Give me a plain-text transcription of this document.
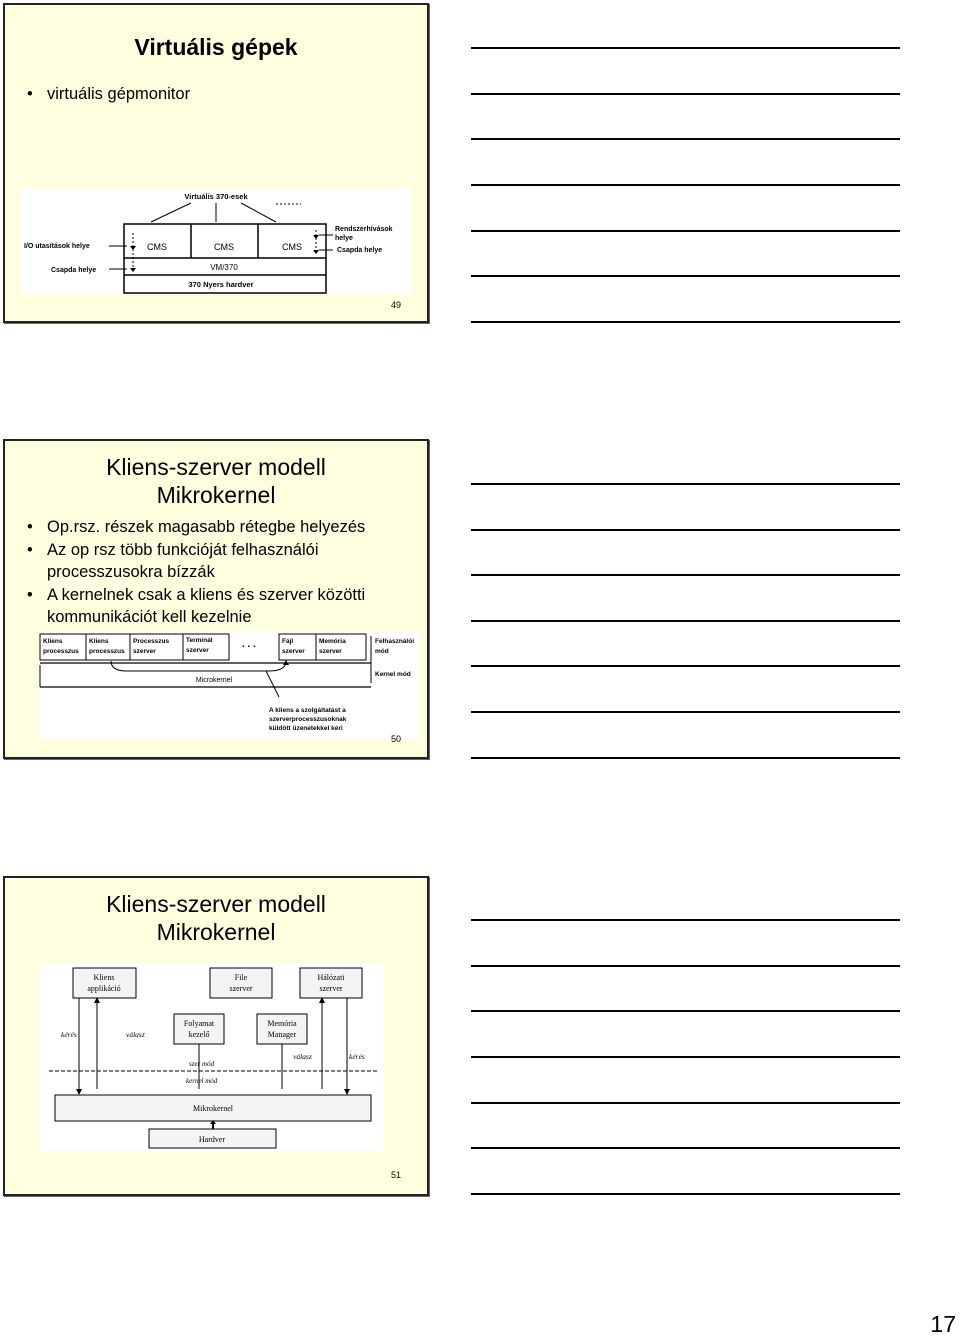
Virtuális gépek
• virtuális gépmonitor
Virtuális 370-esek
CMS	CMS	CMS
VM/370
370 Nyers hardver
I/O utasítások helye
Csapda helye
Rendszerhívások
helye
Csapda helye
49
Kliens-szerver modell
Mikrokernel
• Op.rsz. részek magasabb rétegbe helyezés
• Az op rsz több funkcióját felhasználói processzusokra bízzák
• A kernelnek csak a kliens és szerver közötti kommunikációt kell kezelnie
Kliens processzus
Kliens processzus
Processzus szerver
Terminál szerver
Fájl szerver
Memória szerver
. . .	Felhasználói mód
Kernel mód
Microkernel
A kliens a szolgáltatást a szerverprocesszusoknak küldött üzenetekkel kéri
50
Kliens-szerver modell
Mikrokernel
Kliens applikáció
File szerver
Hálózati szerver
Folyamat kezelő
Memória Manager
kérés	válasz
válasz	kérés
szer mód
kernel mód
Mikrokernel
Hardver
51
17
